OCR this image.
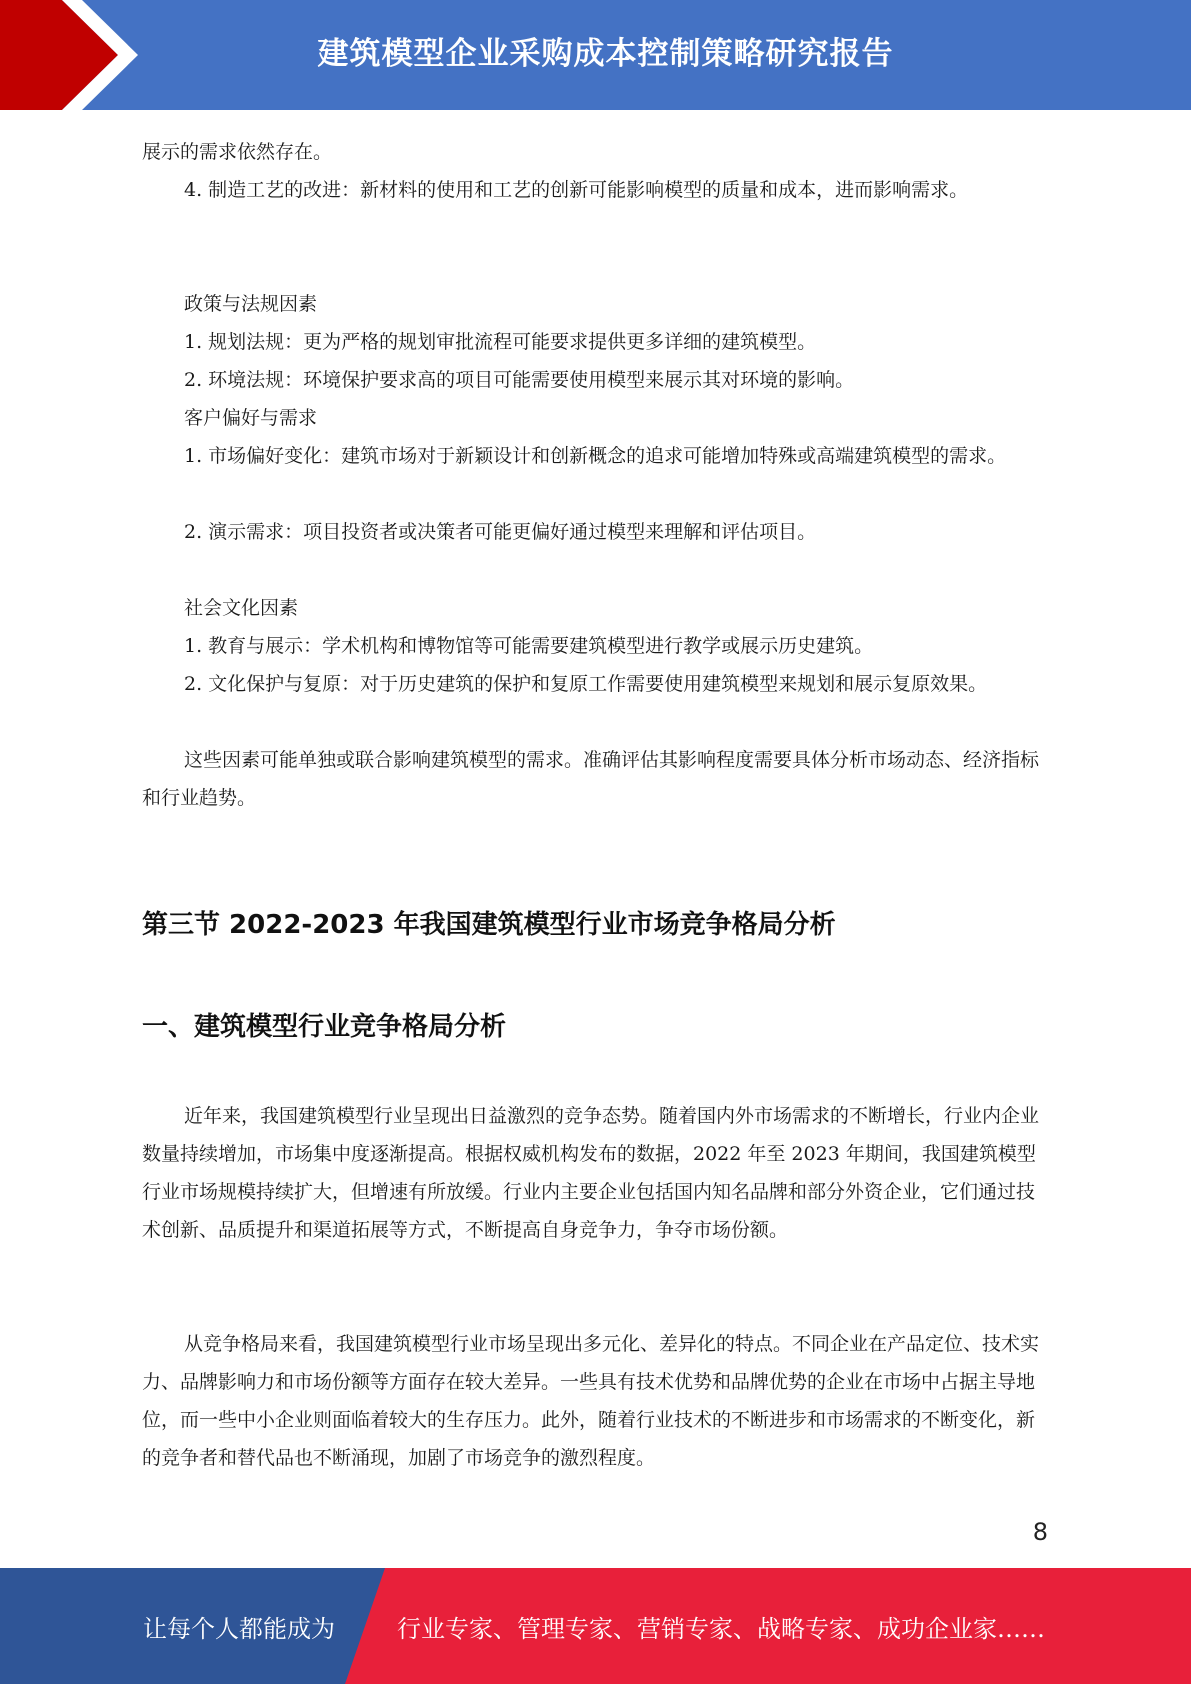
建筑模型企业采购成本控制策略研究报告

展示的需求依然存在。

4. 制造工艺的改进：新材料的使用和工艺的创新可能影响模型的质量和成本，进而影响需求。

政策与法规因素

1. 规划法规：更为严格的规划审批流程可能要求提供更多详细的建筑模型。

2. 环境法规：环境保护要求高的项目可能需要使用模型来展示其对环境的影响。

客户偏好与需求

1. 市场偏好变化：建筑市场对于新颖设计和创新概念的追求可能增加特殊或高端建筑模型的需求。

2. 演示需求：项目投资者或决策者可能更偏好通过模型来理解和评估项目。

社会文化因素

1. 教育与展示：学术机构和博物馆等可能需要建筑模型进行教学或展示历史建筑。

2. 文化保护与复原：对于历史建筑的保护和复原工作需要使用建筑模型来规划和展示复原效果。

这些因素可能单独或联合影响建筑模型的需求。准确评估其影响程度需要具体分析市场动态、经济指标和行业趋势。

第三节 2022-2023 年我国建筑模型行业市场竞争格局分析
一、建筑模型行业竞争格局分析

近年来，我国建筑模型行业呈现出日益激烈的竞争态势。随着国内外市场需求的不断增长，行业内企业数量持续增加，市场集中度逐渐提高。根据权威机构发布的数据，2022 年至 2023 年期间，我国建筑模型行业市场规模持续扩大，但增速有所放缓。行业内主要企业包括国内知名品牌和部分外资企业，它们通过技术创新、品质提升和渠道拓展等方式，不断提高自身竞争力，争夺市场份额。

从竞争格局来看，我国建筑模型行业市场呈现出多元化、差异化的特点。不同企业在产品定位、技术实力、品牌影响力和市场份额等方面存在较大差异。一些具有技术优势和品牌优势的企业在市场中占据主导地位，而一些中小企业则面临着较大的生存压力。此外，随着行业技术的不断进步和市场需求的不断变化，新的竞争者和替代品也不断涌现，加剧了市场竞争的激烈程度。

8
让每个人都能成为	行业专家、管理专家、营销专家、战略专家、成功企业家……
